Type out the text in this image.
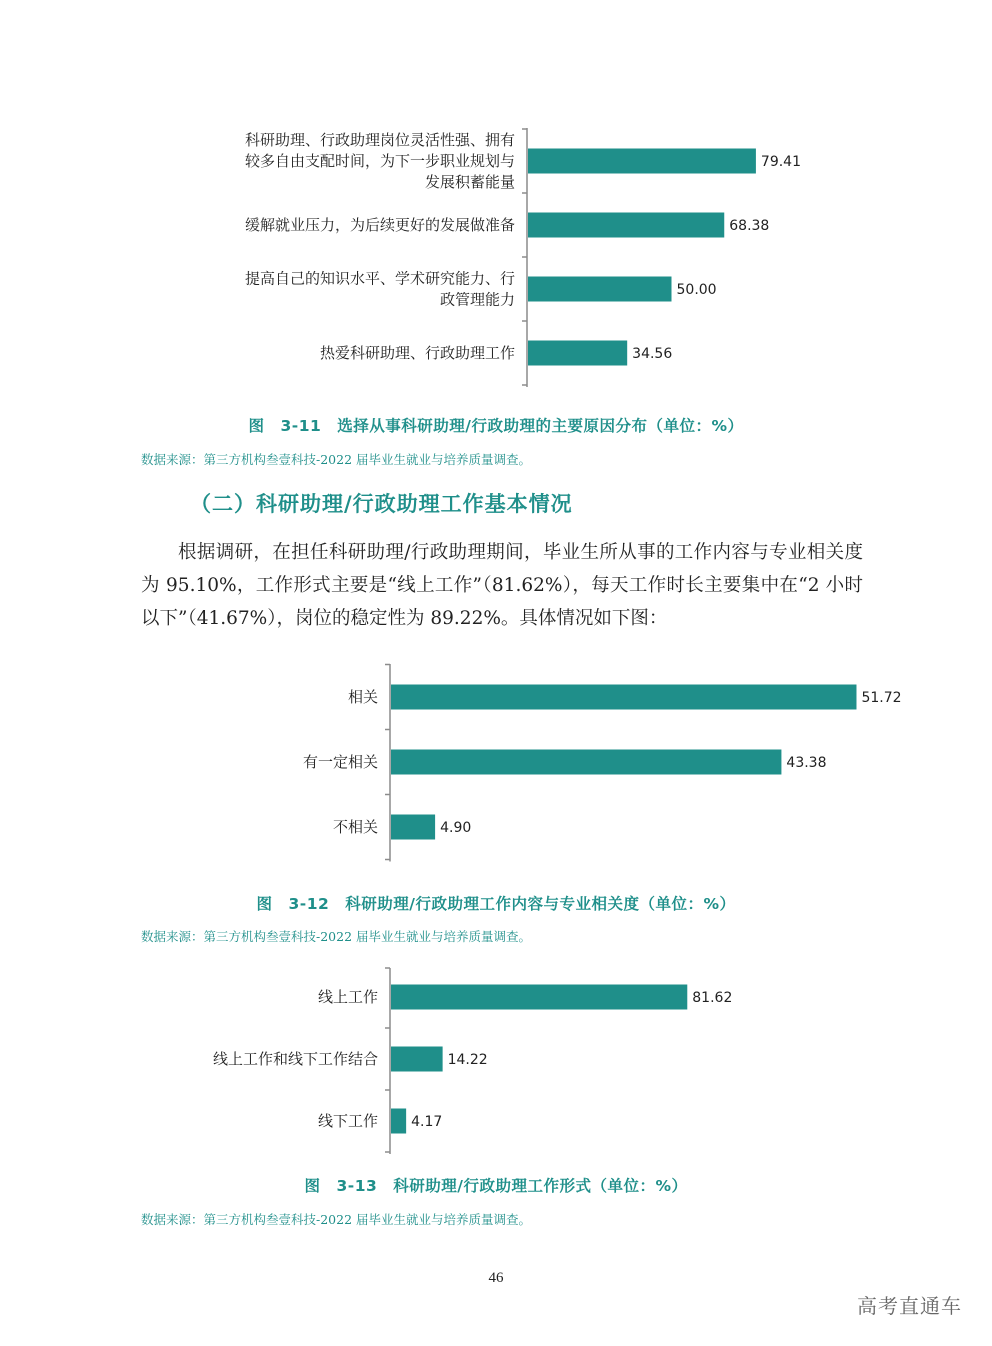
79.41
科研助理、行政助理岗位灵活性强、拥有
较多自由支配时间，为下一步职业规划与
发展积蓄能量
68.38
缓解就业压力，为后续更好的发展做准备
50.00
提高自己的知识水平、学术研究能力、行
政管理能力
34.56
热爱科研助理、行政助理工作
图　3-11　选择从事科研助理/行政助理的主要原因分布（单位：%）
数据来源：第三方机构叁壹科技-2022 届毕业生就业与培养质量调查。
（二）科研助理/行政助理工作基本情况
根据调研，在担任科研助理/行政助理期间，毕业生所从事的工作内容与专业相关度为 95.10%，工作形式主要是“线上工作”（81.62%），每天工作时长主要集中在“2 小时以下”（41.67%），岗位的稳定性为 89.22%。具体情况如下图：
51.72
相关
43.38
有一定相关
4.90
不相关
图　3-12　科研助理/行政助理工作内容与专业相关度（单位：%）
数据来源：第三方机构叁壹科技-2022 届毕业生就业与培养质量调查。
81.62
线上工作
14.22
线上工作和线下工作结合
4.17
线下工作
图　3-13　科研助理/行政助理工作形式（单位：%）
数据来源：第三方机构叁壹科技-2022 届毕业生就业与培养质量调查。
46
高考直通车
